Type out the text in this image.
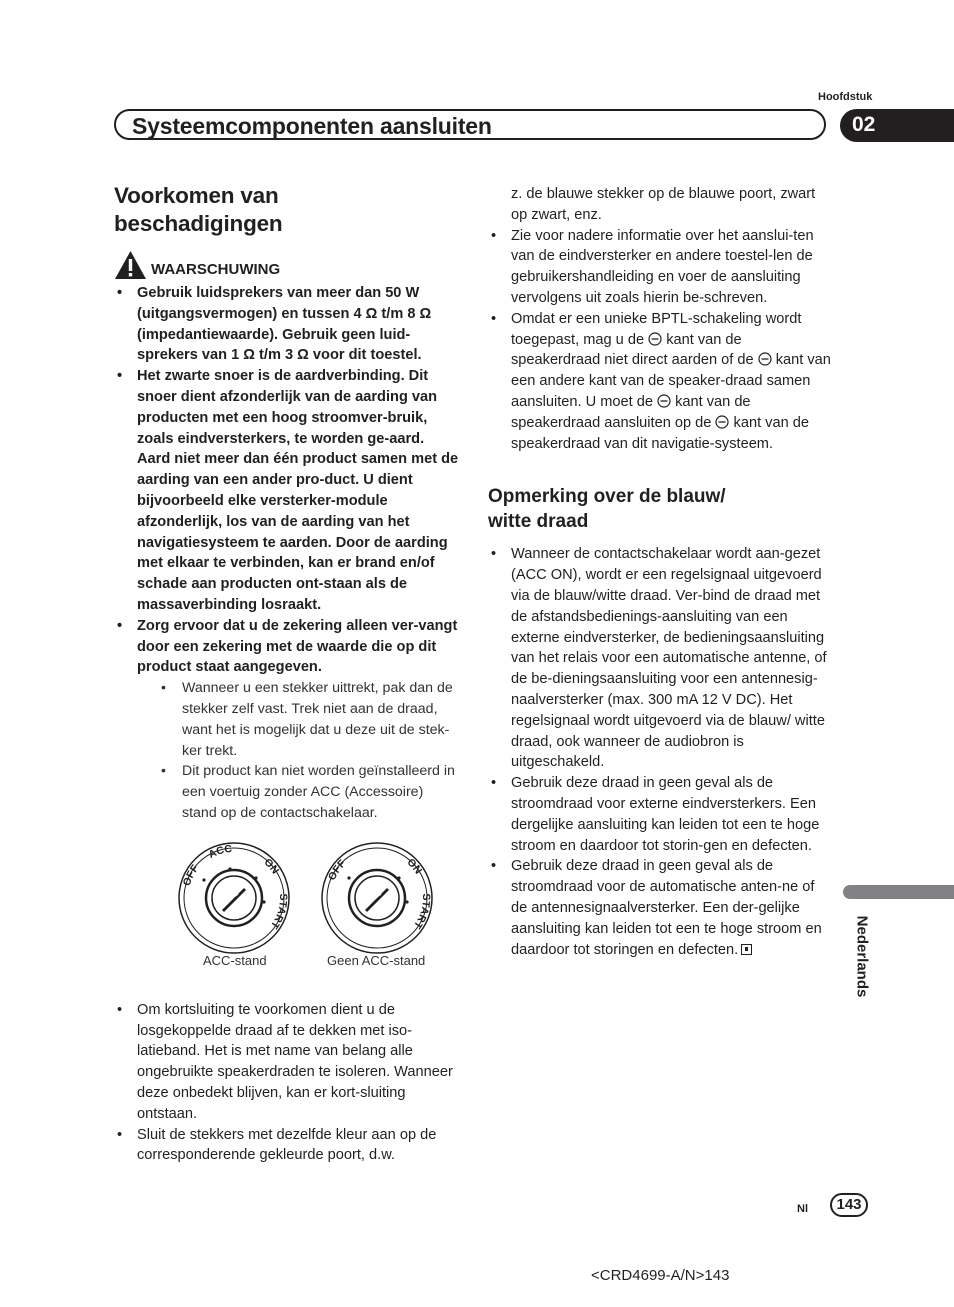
Hoofdstuk
Systeemcomponenten aansluiten	02
Voorkomen van
beschadigingen
WAARSCHUWING
• Gebruik luidsprekers van meer dan 50 W (uitgangsvermogen) en tussen 4 Ω t/m 8 Ω (impedantiewaarde). Gebruik geen luid-sprekers van 1 Ω t/m 3 Ω voor dit toestel.
• Het zwarte snoer is de aardverbinding. Dit snoer dient afzonderlijk van de aarding van producten met een hoog stroomver-bruik, zoals eindversterkers, te worden ge-aard. Aard niet meer dan één product samen met de aarding van een ander pro-duct. U dient bijvoorbeeld elke versterker-module afzonderlijk, los van de aarding van het navigatiesysteem te aarden. Door de aarding met elkaar te verbinden, kan er brand en/of schade aan producten ont-staan als de massaverbinding losraakt.
• Zorg ervoor dat u de zekering alleen ver-vangt door een zekering met de waarde die op dit product staat aangegeven.
• Wanneer u een stekker uittrekt, pak dan de stekker zelf vast. Trek niet aan de draad, want het is mogelijk dat u deze uit de stek-ker trekt.
• Dit product kan niet worden geïnstalleerd in een voertuig zonder ACC (Accessoire) stand op de contactschakelaar.
OFF
ACC
ON
START
OFF	ON
START
ACC-stand	Geen ACC-stand
• Om kortsluiting te voorkomen dient u de losgekoppelde draad af te dekken met iso-latieband. Het is met name van belang alle ongebruikte speakerdraden te isoleren. Wanneer deze onbedekt blijven, kan er kort-sluiting ontstaan.
• Sluit de stekkers met dezelfde kleur aan op de corresponderende gekleurde poort, d.w.
z. de blauwe stekker op de blauwe poort, zwart op zwart, enz.
• Zie voor nadere informatie over het aanslui-ten van de eindversterker en andere toestel-len de gebruikershandleiding en voer de aansluiting vervolgens uit zoals hierin be-schreven.
• Omdat er een unieke BPTL-schakeling wordt toegepast, mag u de kant van de speakerdraad niet direct aarden of de kant van een andere kant van de speaker-draad samen aansluiten. U moet de kant van de speakerdraad aansluiten op de kant van de speakerdraad van dit navigatie-systeem.
Opmerking over de blauw/
witte draad
• Wanneer de contactschakelaar wordt aan-gezet (ACC ON), wordt er een regelsignaal uitgevoerd via de blauw/witte draad. Ver-bind de draad met de afstandsbedienings-aansluiting van een externe eindversterker, de bedieningsaansluiting van het relais voor een automatische antenne, of de be-dieningsaansluiting voor een antennesig-naalversterker (max. 300 mA 12 V DC). Het regelsignaal wordt uitgevoerd via de blauw/ witte draad, ook wanneer de audiobron is uitgeschakeld.
• Gebruik deze draad in geen geval als de stroomdraad voor externe eindversterkers. Een dergelijke aansluiting kan leiden tot een te hoge stroom en daardoor tot storin-gen en defecten.
• Gebruik deze draad in geen geval als de stroomdraad voor de automatische anten-ne of de antennesignaalversterker. Een der-gelijke aansluiting kan leiden tot een te hoge stroom en daardoor tot storingen en defecten.	Nederlands
Nl	143
<CRD4699-A/N>143
